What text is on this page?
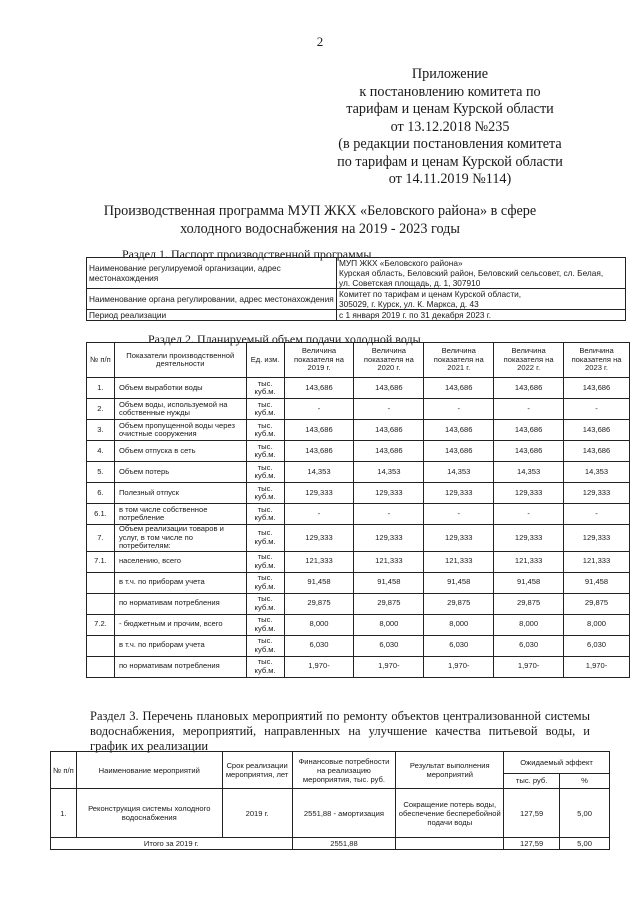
2
Приложение
к постановлению комитета по
тарифам и ценам Курской области
от 13.12.2018 №235
(в редакции постановления комитета
по тарифам и ценам Курской области
от 14.11.2019 №114)
Производственная программа МУП ЖКХ «Беловского района» в сфере
холодного водоснабжения на 2019 - 2023 годы
Раздел 1. Паспорт производственной программы
Наименование регулируемой организации, адрес местонахождения	МУП ЖКХ «Беловского района»
Курская область, Беловский район, Беловский сельсовет, сл. Белая,
ул. Советская площадь, д. 1, 307910

Наименование органа регулировании, адрес местонахождения	Комитет по тарифам и ценам Курской области,
305029, г. Курск, ул. К. Маркса, д. 43

Период реализации	с 1 января 2019 г. по 31 декабря 2023 г.
Раздел 2. Планируемый объем подачи холодной воды
№ п/п	Показатели производственной деятельности	Ед. изм.	Величина показателя на 2019 г.	Величина показателя на 2020 г.	Величина показателя на 2021 г.	Величина показателя на 2022 г.	Величина показателя на 2023 г.
1.	Объем выработки воды	тыс. куб.м.	143,686	143,686	143,686	143,686	143,686
2.	Объем воды, используемой на собственные нужды	тыс. куб.м.	-	-	-	-	-
3.	Объем пропущенной воды через очистные сооружения	тыс. куб.м.	143,686	143,686	143,686	143,686	143,686
4.	Объем отпуска в сеть	тыс. куб.м.	143,686	143,686	143,686	143,686	143,686
5.	Объем потерь	тыс. куб.м.	14,353	14,353	14,353	14,353	14,353
6.	Полезный отпуск	тыс. куб.м.	129,333	129,333	129,333	129,333	129,333
6.1.	в том числе собственное потребление	тыс. куб.м.	-	-	-	-	-
7.	Объем реализации товаров и услуг, в том числе по потребителям:	тыс. куб.м.	129,333	129,333	129,333	129,333	129,333
7.1.	населению, всего	тыс. куб.м.	121,333	121,333	121,333	121,333	121,333
	в т.ч. по приборам учета	тыс. куб.м.	91,458	91,458	91,458	91,458	91,458
	по нормативам потребления	тыс. куб.м.	29,875	29,875	29,875	29,875	29,875
7.2.	- бюджетным и прочим, всего	тыс. куб.м.	8,000	8,000	8,000	8,000	8,000
	в т.ч. по приборам учета	тыс. куб.м.	6,030	6,030	6,030	6,030	6,030
	по нормативам потребления	тыс. куб.м.	1,970-	1,970-	1,970-	1,970-	1,970-
Раздел 3. Перечень плановых мероприятий по ремонту объектов централизованной системы водоснабжения, мероприятий, направленных на улучшение качества питьевой воды, и график их реализации
№ п/п	Наименование мероприятий	Срок реализации мероприятия, лет	Финансовые потребности на реализацию мероприятия, тыс. руб.	Результат выполнения мероприятий	Ожидаемый эффект	
					тыс. руб.	%
1.	Реконструкция системы холодного водоснабжения	2019 г.	2551,88 - амортизация	Сокращение потерь воды, обеспечение бесперебойной подачи воды	127,59	5,00
Итого за 2019 г.			2551,88		127,59	5,00
